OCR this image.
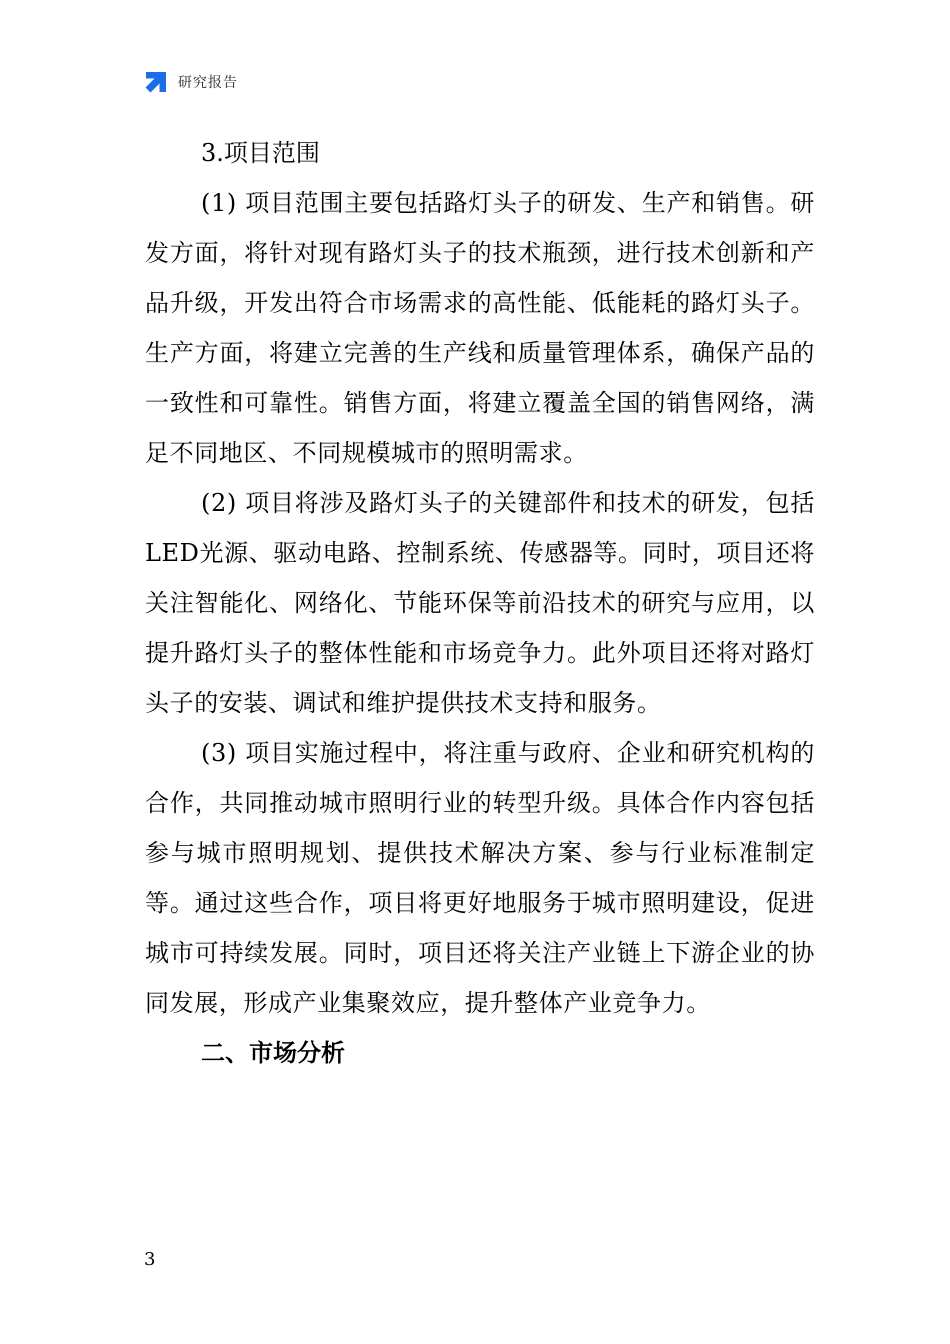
研究报告
3.项目范围

(1) 项目范围主要包括路灯头子的研发、生产和销售。研发方面，将针对现有路灯头子的技术瓶颈，进行技术创新和产品升级，开发出符合市场需求的高性能、低能耗的路灯头子。生产方面，将建立完善的生产线和质量管理体系，确保产品的一致性和可靠性。销售方面，将建立覆盖全国的销售网络，满足不同地区、不同规模城市的照明需求。

(2) 项目将涉及路灯头子的关键部件和技术的研发，包括LED光源、驱动电路、控制系统、传感器等。同时，项目还将关注智能化、网络化、节能环保等前沿技术的研究与应用，以提升路灯头子的整体性能和市场竞争力。此外项目还将对路灯头子的安装、调试和维护提供技术支持和服务。

(3) 项目实施过程中，将注重与政府、企业和研究机构的合作，共同推动城市照明行业的转型升级。具体合作内容包括参与城市照明规划、提供技术解决方案、参与行业标准制定等。通过这些合作，项目将更好地服务于城市照明建设，促进城市可持续发展。同时，项目还将关注产业链上下游企业的协同发展，形成产业集聚效应，提升整体产业竞争力。

二、市场分析
3
